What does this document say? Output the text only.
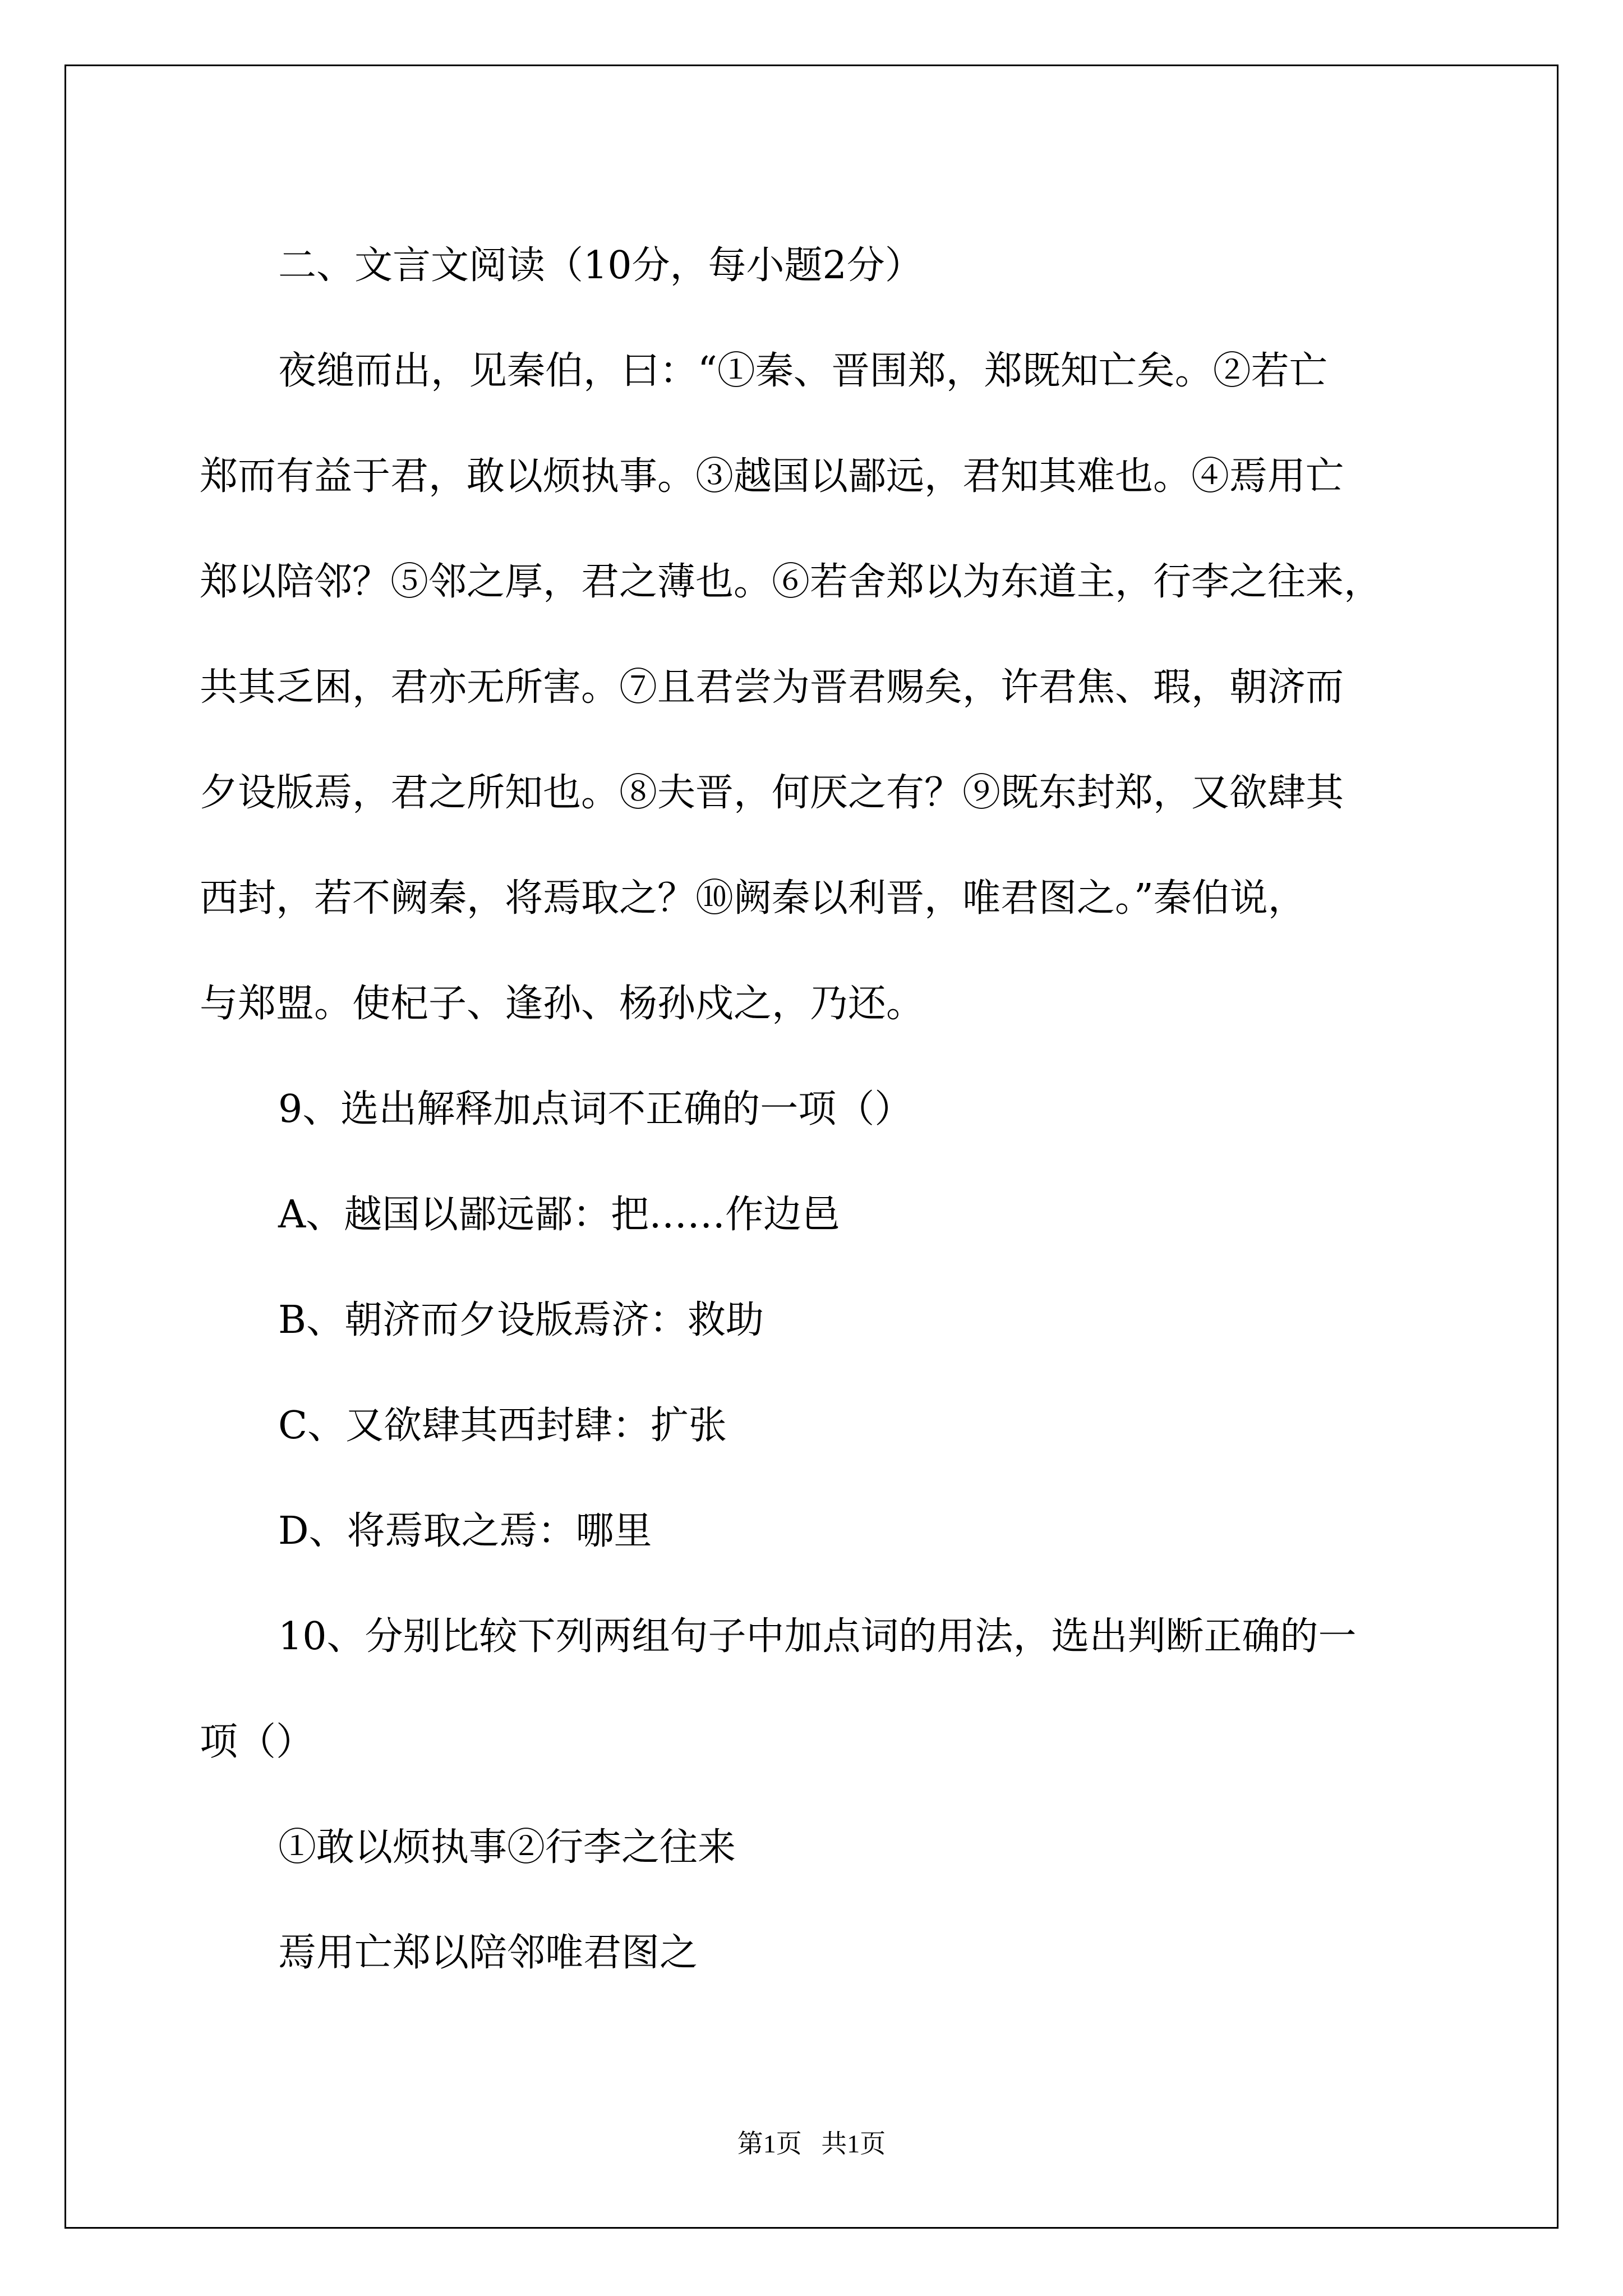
二、文言文阅读（10分，每小题2分）
夜缒而出，见秦伯，曰：“①秦、晋围郑，郑既知亡矣。②若亡
郑而有益于君，敢以烦执事。③越国以鄙远，君知其难也。④焉用亡
郑以陪邻？⑤邻之厚，君之薄也。⑥若舍郑以为东道主，行李之往来，
共其乏困，君亦无所害。⑦且君尝为晋君赐矣，许君焦、瑕，朝济而
夕设版焉，君之所知也。⑧夫晋，何厌之有？⑨既东封郑，又欲肆其
西封，若不阙秦，将焉取之？⑩阙秦以利晋，唯君图之。”秦伯说，
与郑盟。使杞子、逢孙、杨孙戍之，乃还。
9、选出解释加点词不正确的一项（）
A、越国以鄙远鄙：把……作边邑
B、朝济而夕设版焉济：救助
C、又欲肆其西封肆：扩张
D、将焉取之焉：哪里
10、分别比较下列两组句子中加点词的用法，选出判断正确的一
项（）
①敢以烦执事②行李之往来
焉用亡郑以陪邻唯君图之
第1页   共1页
